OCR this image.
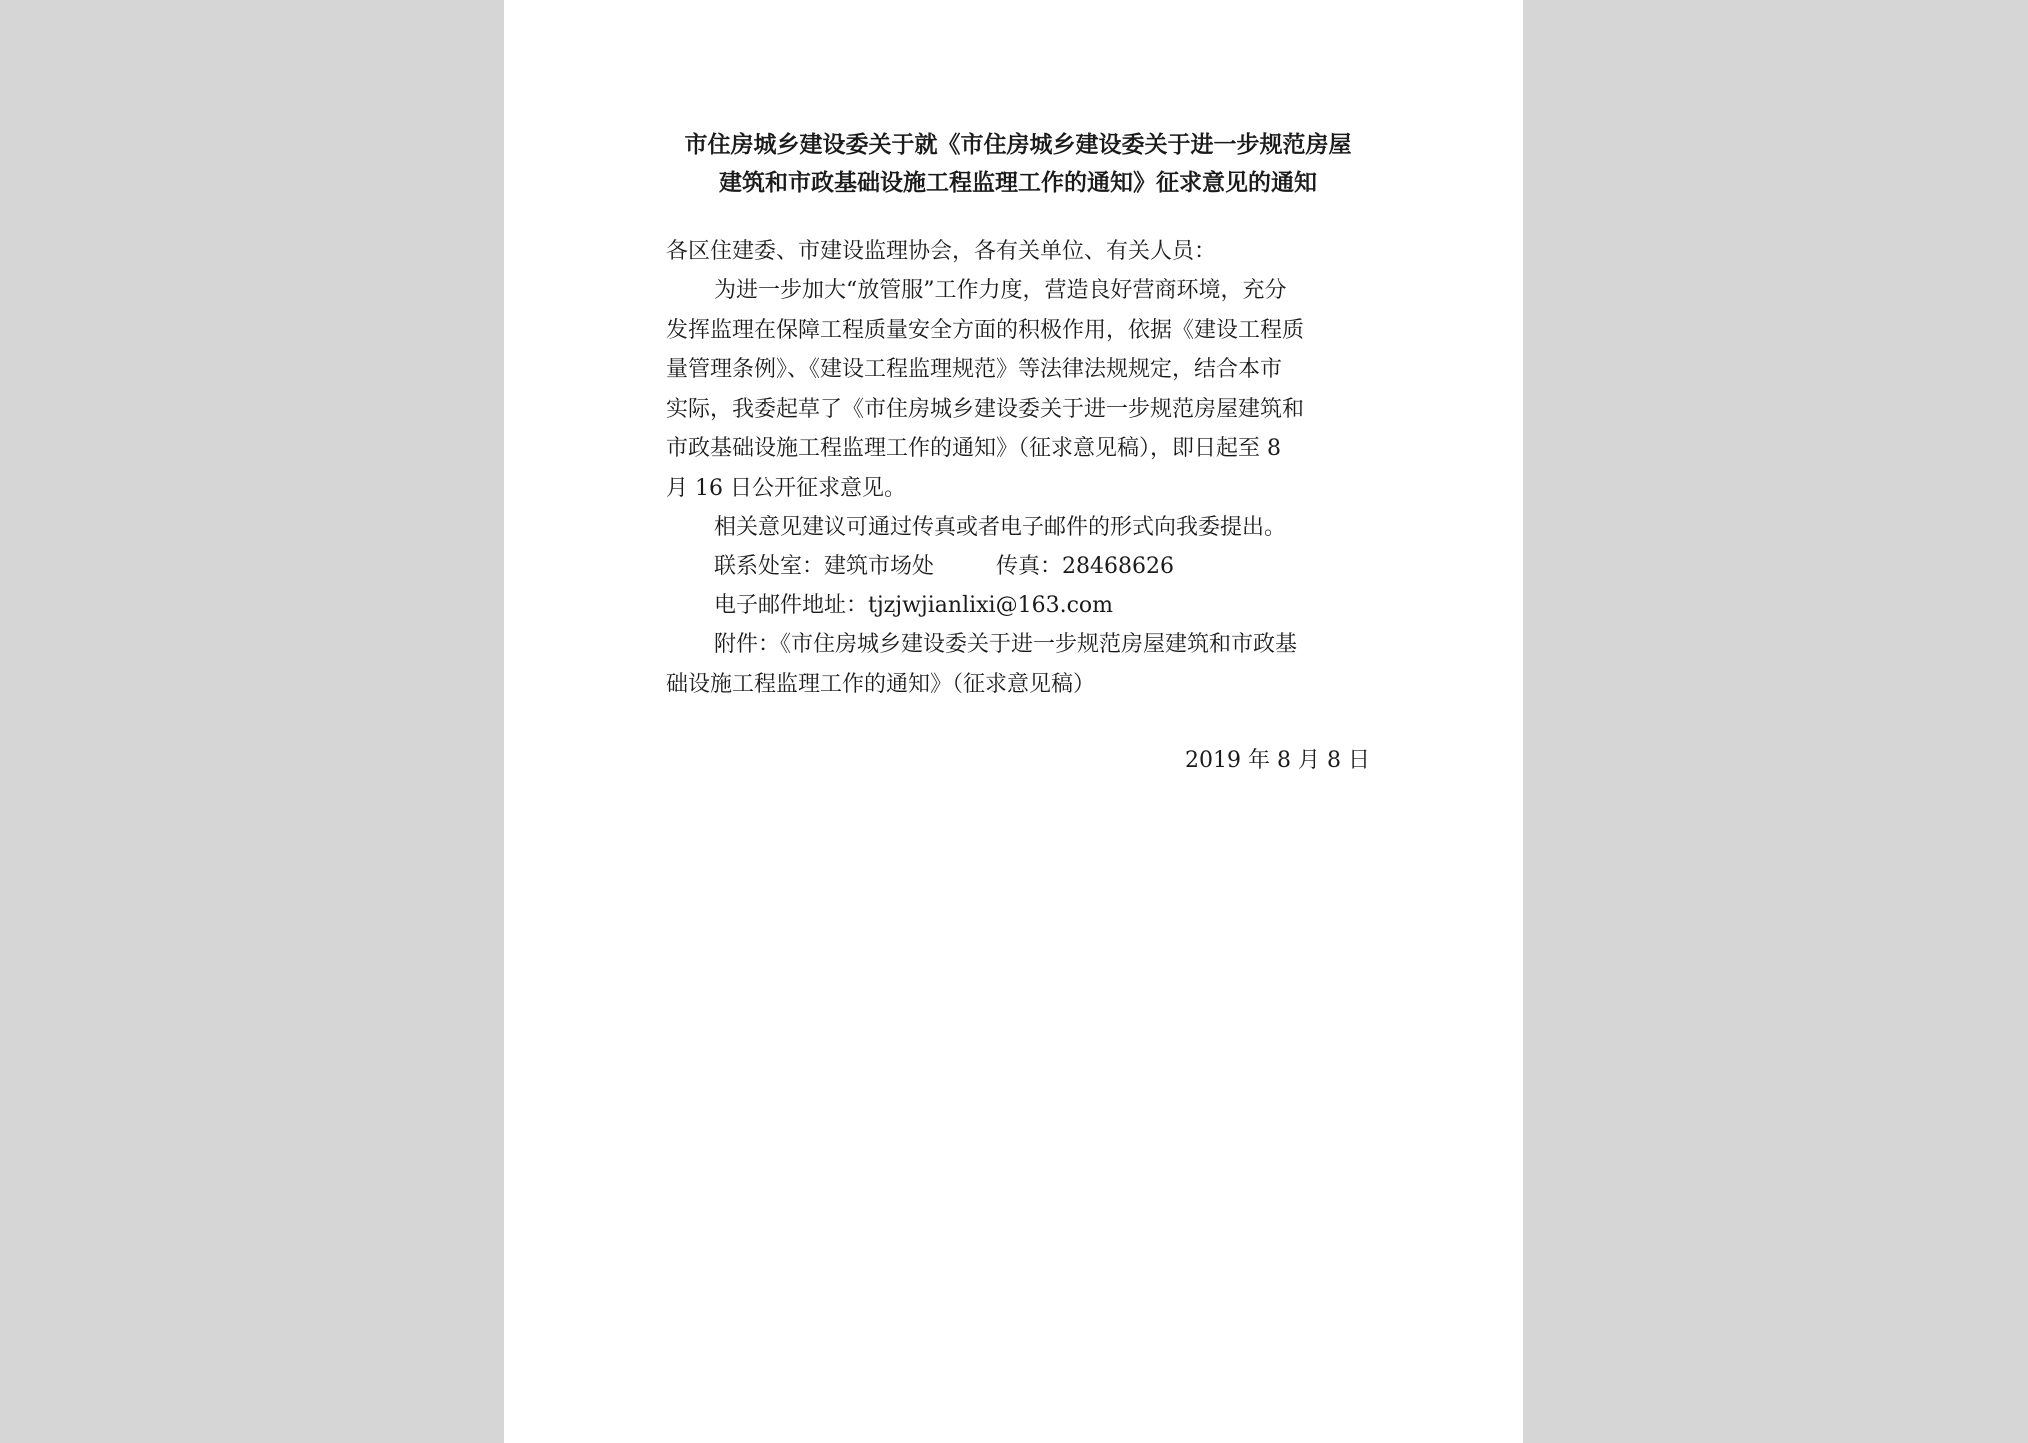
市住房城乡建设委关于就《市住房城乡建设委关于进一步规范房屋
建筑和市政基础设施工程监理工作的通知》征求意见的通知

各区住建委、市建设监理协会，各有关单位、有关人员：

为进一步加大“放管服”工作力度，营造良好营商环境，充分
发挥监理在保障工程质量安全方面的积极作用，依据《建设工程质
量管理条例》、《建设工程监理规范》等法律法规规定，结合本市
实际，我委起草了《市住房城乡建设委关于进一步规范房屋建筑和
市政基础设施工程监理工作的通知》（征求意见稿），即日起至 8
月 16 日公开征求意见。

相关意见建议可通过传真或者电子邮件的形式向我委提出。

联系处室：建筑市场处	传真：28468626

电子邮件地址：tjzjwjianlixi@163.com

附件：《市住房城乡建设委关于进一步规范房屋建筑和市政基
础设施工程监理工作的通知》（征求意见稿）

2019 年 8 月 8 日
